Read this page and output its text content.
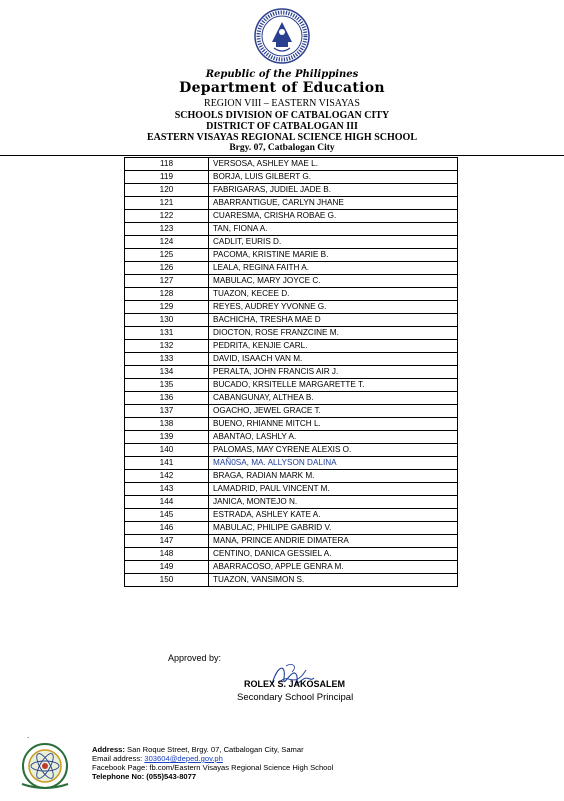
Republic of the Philippines
Department of Education
REGION VIII – EASTERN VISAYAS
SCHOOLS DIVISION OF CATBALOGAN CITY
DISTRICT OF CATBALOGAN III
EASTERN VISAYAS REGIONAL SCIENCE HIGH SCHOOL
Brgy. 07, Catbalogan City
118	VERSOSA, ASHLEY MAE L.
119	BORJA, LUIS GILBERT G.
120	FABRIGARAS, JUDIEL JADE B.
121	ABARRANTIGUE, CARLYN JHANE
122	CUARESMA, CRISHA ROBAE G.
123	TAN, FIONA A.
124	CADLIT, EURIS D.
125	PACOMA, KRISTINE MARIE B.
126	LEALA, REGINA FAITH A.
127	MABULAC, MARY JOYCE C.
128	TUAZON, KECEE D.
129	REYES, AUDREY YVONNE G.
130	BACHICHA, TRESHA MAE D
131	DIOCTON, ROSE FRANZCINE M.
132	PEDRITA, KENJIE CARL.
133	DAVID, ISAACH VAN M.
134	PERALTA, JOHN FRANCIS AIR J.
135	BUCADO, KRSITELLE MARGARETTE T.
136	CABANGUNAY, ALTHEA B.
137	OGACHO, JEWEL GRACE T.
138	BUENO, RHIANNE MITCH L.
139	ABANTAO, LASHLY A.
140	PALOMAS, MAY CYRENE ALEXIS O.
141	MAÑ0SA, MA. ALLYSON DALINA
142	BRAGA, RADIAN MARK M.
143	LAMADRID, PAUL VINCENT M.
144	JANICA, MONTEJO N.
145	ESTRADA, ASHLEY KATE A.
146	MABULAC, PHILIPE GABRID V.
147	MANA, PRINCE ANDRIE DIMATERA
148	CENTINO, DANICA GESSIEL A.
149	ABARRACOSO, APPLE GENRA M.
150	TUAZON, VANSIMON S.
Approved by:
ROLEX S. JAKOSALEM
Secondary School Principal
.
Address: San Roque Street, Brgy. 07, Catbalogan City, Samar
Email address: 303604@deped.gov.ph
Facebook Page: fb.com/Eastern Visayas Regional Science High School
Telephone No: (055)543-8077
